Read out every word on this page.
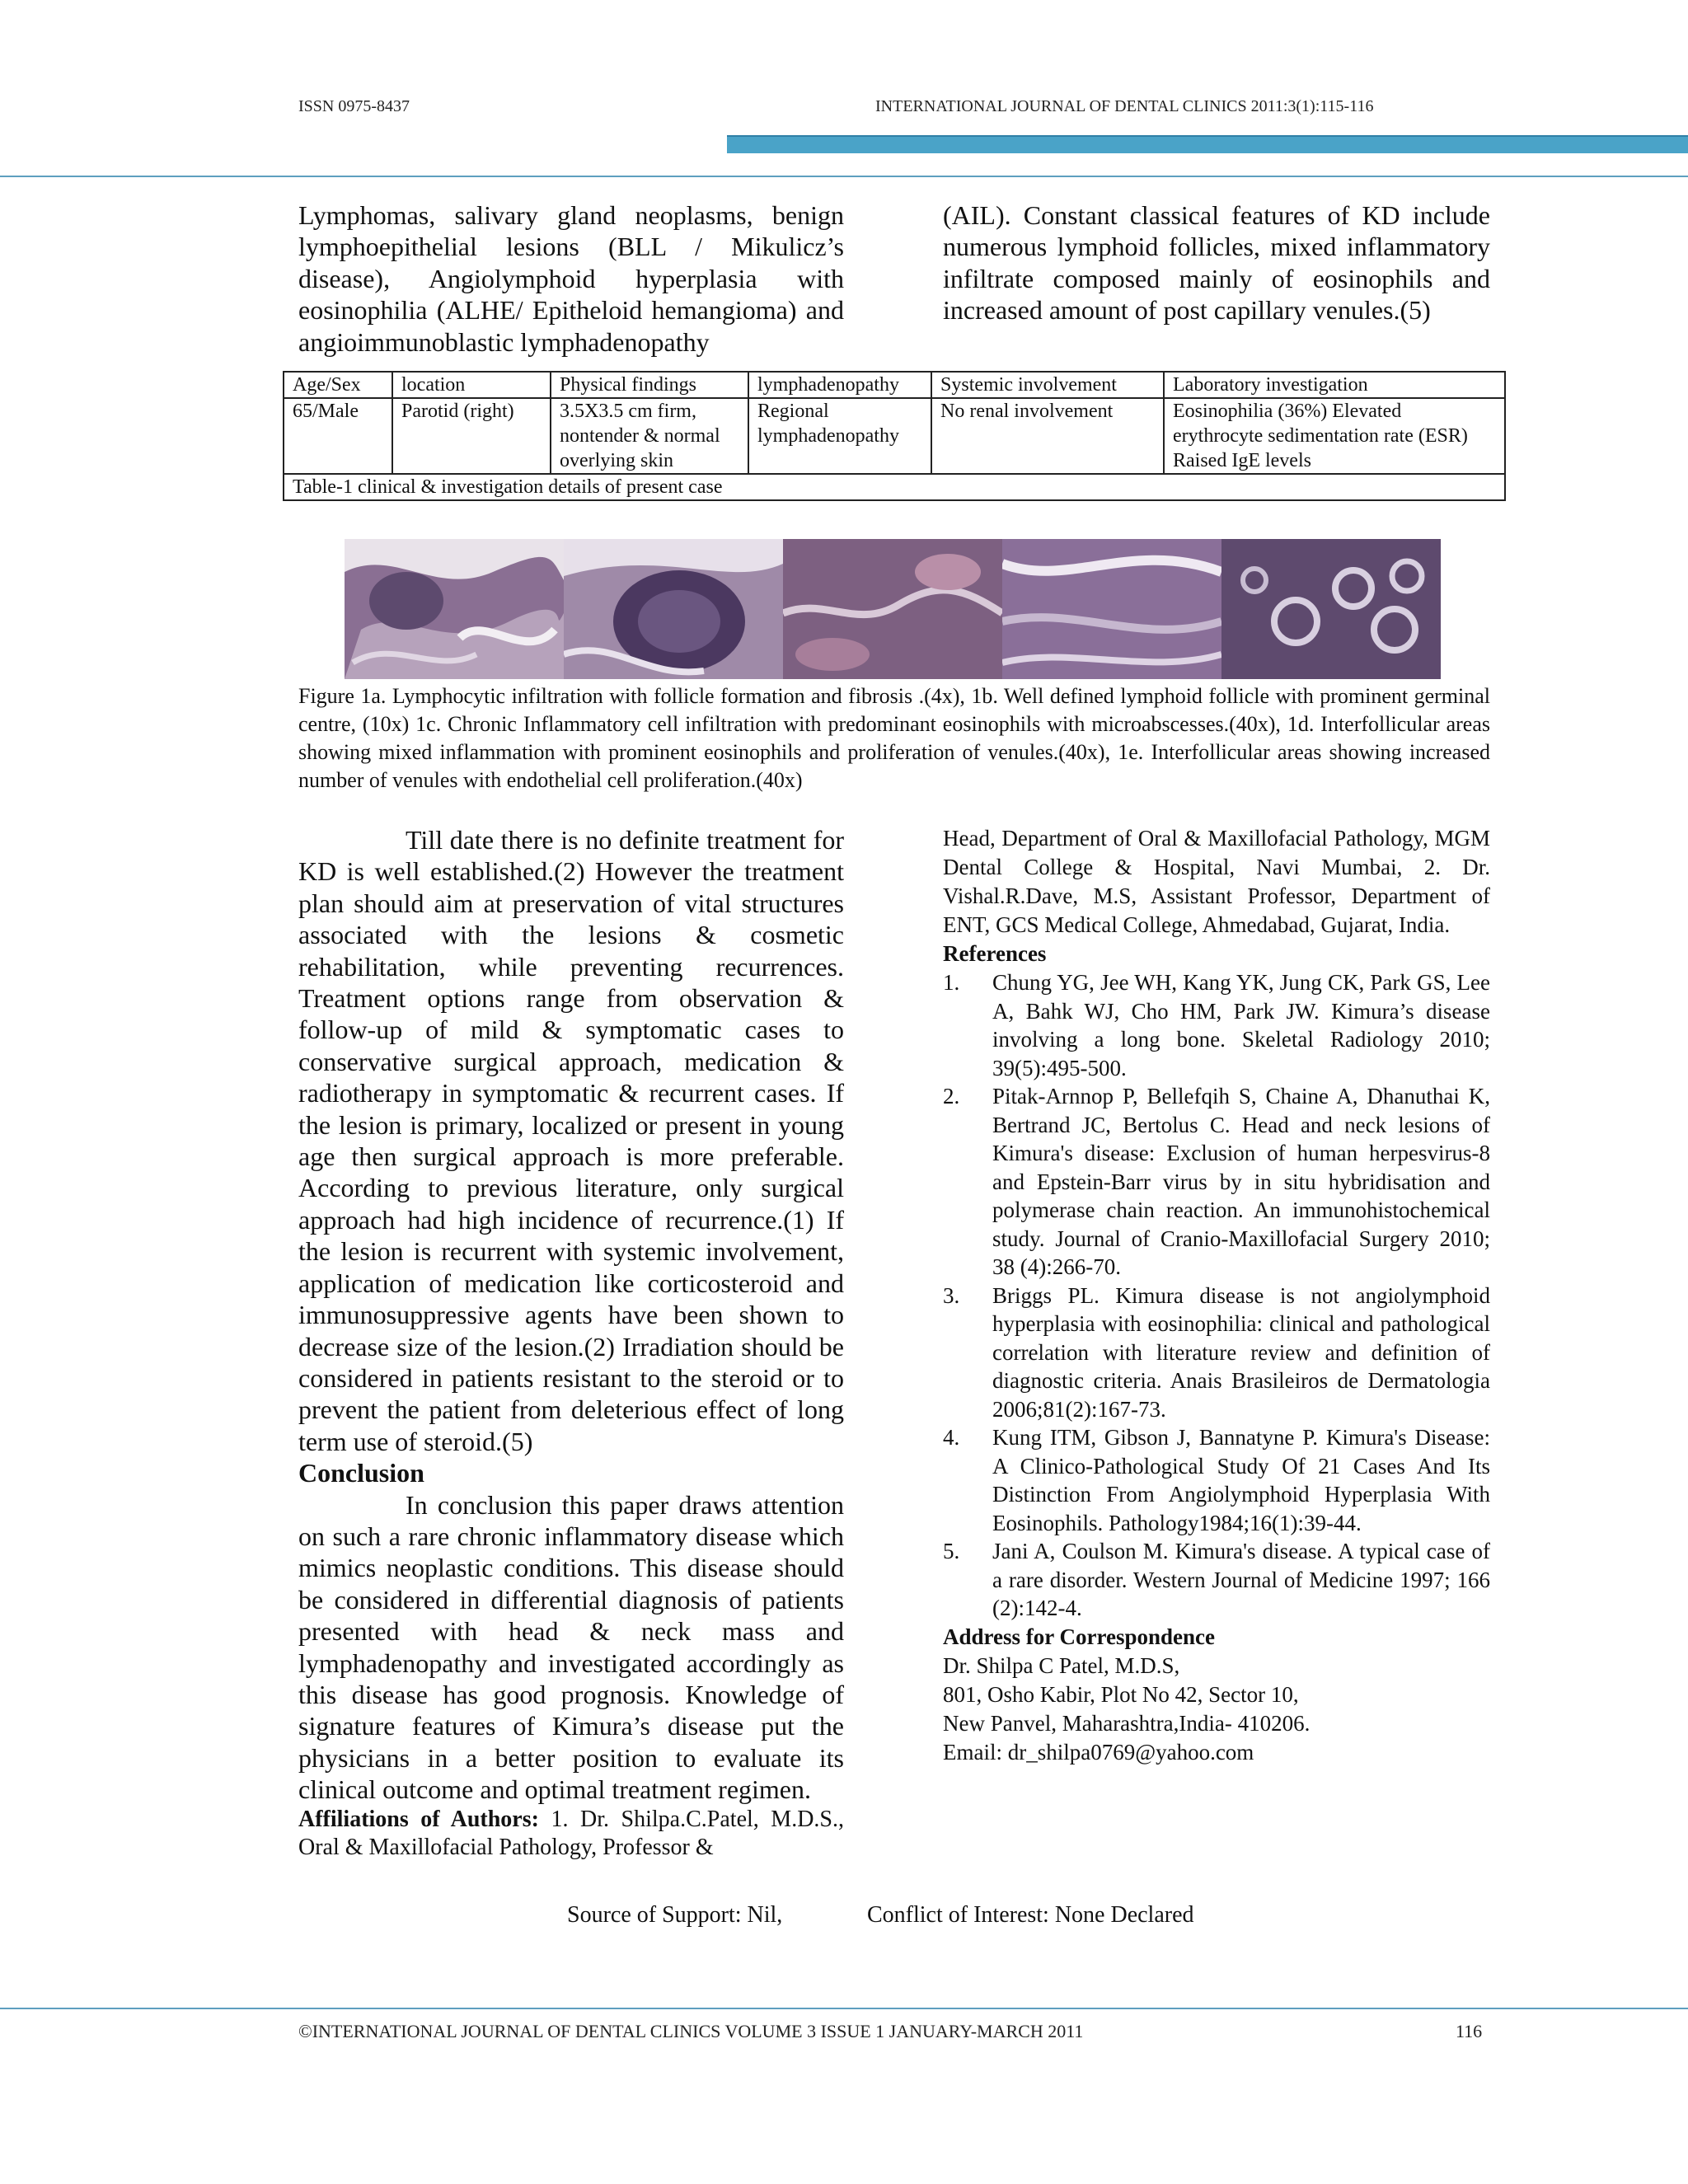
ISSN 0975-8437	INTERNATIONAL JOURNAL OF DENTAL CLINICS 2011:3(1):115-116

Lymphomas, salivary gland neoplasms, benign lymphoepithelial lesions (BLL / Mikulicz’s disease), Angiolymphoid hyperplasia with eosinophilia (ALHE/ Epitheloid hemangioma) and angioimmunoblastic lymphadenopathy

(AIL). Constant classical features of KD include numerous lymphoid follicles, mixed inflammatory infiltrate composed mainly of eosinophils and increased amount of post capillary venules.(5)

Age/Sex	location	Physical findings	lymphadenopathy	Systemic involvement	Laboratory investigation
65/Male	Parotid (right)	3.5X3.5 cm firm, nontender & normal overlying skin	Regional lymphadenopathy	No renal involvement	Eosinophilia (36%) Elevated erythrocyte sedimentation rate (ESR) Raised IgE levels
Table-1 clinical & investigation details of present case					
Figure 1a. Lymphocytic infiltration with follicle formation and fibrosis .(4x), 1b. Well defined lymphoid follicle with prominent germinal centre, (10x) 1c. Chronic Inflammatory cell infiltration with predominant eosinophils with microabscesses.(40x), 1d. Interfollicular areas showing mixed inflammation with prominent eosinophils and proliferation of venules.(40x), 1e. Interfollicular areas showing increased number of venules with endothelial cell proliferation.(40x)

Till date there is no definite treatment for KD is well established.(2) However the treatment plan should aim at preservation of vital structures associated with the lesions & cosmetic rehabilitation, while preventing recurrences. Treatment options range from observation & follow-up of mild & symptomatic cases to conservative surgical approach, medication & radiotherapy in symptomatic & recurrent cases. If the lesion is primary, localized or present in young age then surgical approach is more preferable. According to previous literature, only surgical approach had high incidence of recurrence.(1) If the lesion is recurrent with systemic involvement, application of medication like corticosteroid and immunosuppressive agents have been shown to decrease size of the lesion.(2) Irradiation should be considered in patients resistant to the steroid or to prevent the patient from deleterious effect of long term use of steroid.(5)

Conclusion

In conclusion this paper draws attention on such a rare chronic inflammatory disease which mimics neoplastic conditions. This disease should be considered in differential diagnosis of patients presented with head & neck mass and lymphadenopathy and investigated accordingly as this disease has good prognosis. Knowledge of signature features of Kimura’s disease put the physicians in a better position to evaluate its clinical outcome and optimal treatment regimen.

Affiliations of Authors: 1. Dr. Shilpa.C.Patel, M.D.S., Oral & Maxillofacial Pathology, Professor &

Head, Department of Oral & Maxillofacial Pathology, MGM Dental College & Hospital, Navi Mumbai, 2. Dr. Vishal.R.Dave, M.S, Assistant Professor, Department of ENT, GCS Medical College, Ahmedabad, Gujarat, India.

References
1. Chung YG, Jee WH, Kang YK, Jung CK, Park GS, Lee A, Bahk WJ, Cho HM, Park JW. Kimura’s disease involving a long bone. Skeletal Radiology 2010; 39(5):495-500.
2. Pitak-Arnnop P, Bellefqih S, Chaine A, Dhanuthai K, Bertrand JC, Bertolus C. Head and neck lesions of Kimura's disease: Exclusion of human herpesvirus-8 and Epstein-Barr virus by in situ hybridisation and polymerase chain reaction. An immunohistochemical study. Journal of Cranio-Maxillofacial Surgery 2010; 38 (4):266-70.
3. Briggs PL. Kimura disease is not angiolymphoid hyperplasia with eosinophilia: clinical and pathological correlation with literature review and definition of diagnostic criteria. Anais Brasileiros de Dermatologia 2006;81(2):167-73.
4. Kung ITM, Gibson J, Bannatyne P. Kimura's Disease: A Clinico-Pathological Study Of 21 Cases And Its Distinction From Angiolymphoid Hyperplasia With Eosinophils. Pathology1984;16(1):39-44.
5. Jani A, Coulson M. Kimura's disease. A typical case of a rare disorder. Western Journal of Medicine 1997; 166 (2):142-4.
Address for Correspondence
Dr. Shilpa C Patel, M.D.S,
801, Osho Kabir, Plot No 42, Sector 10,
New Panvel, Maharashtra,India- 410206.
Email: dr_shilpa0769@yahoo.com
Source of Support: Nil,	Conflict of Interest: None Declared
©INTERNATIONAL JOURNAL OF DENTAL CLINICS VOLUME 3 ISSUE 1 JANUARY-MARCH 2011	116
